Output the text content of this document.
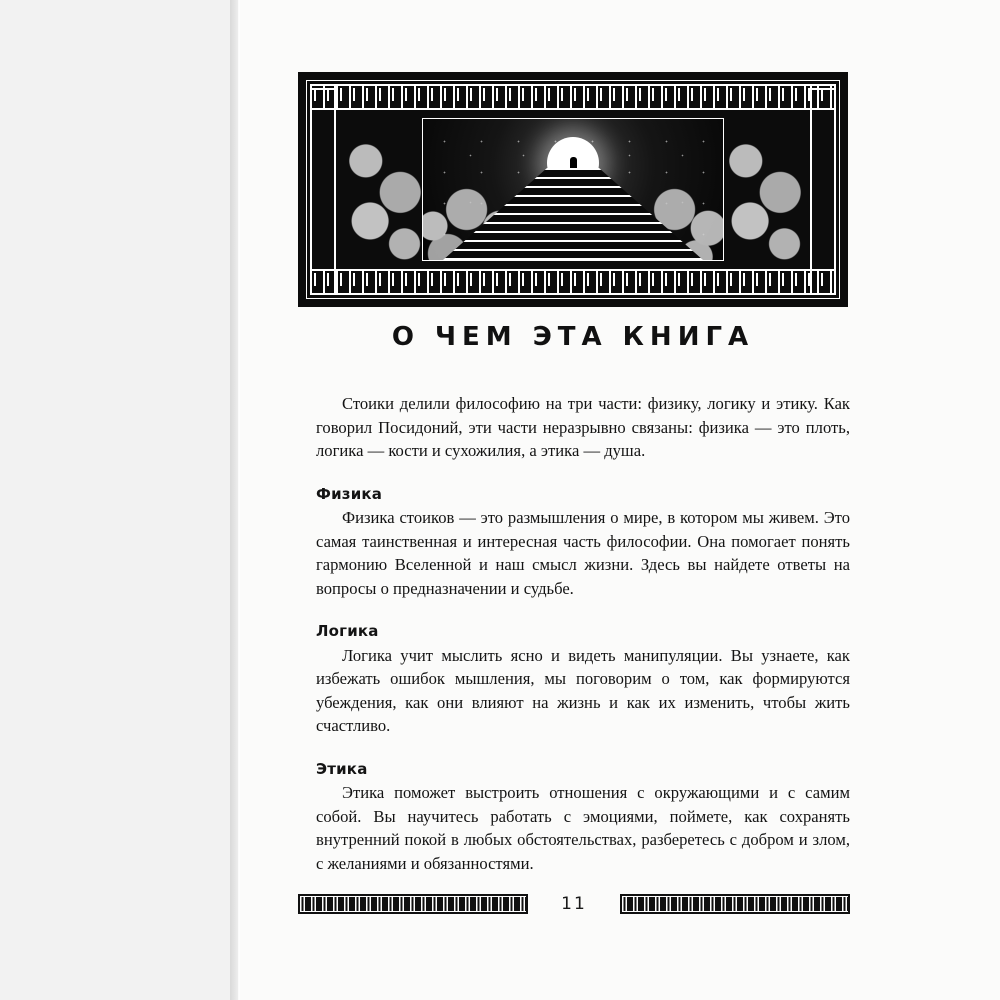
О ЧЕМ ЭТА КНИГА

Стоики делили философию на три части: физику, логику и этику. Как говорил Посидоний, эти части неразрывно связаны: физика — это плоть, логика — кости и сухожилия, а этика — душа.

Физика

Физика стоиков — это размышления о мире, в котором мы живем. Это самая таинственная и интересная часть философии. Она помогает понять гармонию Вселенной и наш смысл жизни. Здесь вы найдете ответы на вопросы о предназначении и судьбе.

Логика

Логика учит мыслить ясно и видеть манипуляции. Вы узнаете, как избежать ошибок мышления, мы поговорим о том, как формируются убеждения, как они влияют на жизнь и как их изменить, чтобы жить счастливо.

Этика

Этика поможет выстроить отношения с окружающими и с самим собой. Вы научитесь работать с эмоциями, поймете, как сохранять внутренний покой в любых обстоятельствах, разберетесь с добром и злом, с желаниями и обязанностями.

11
